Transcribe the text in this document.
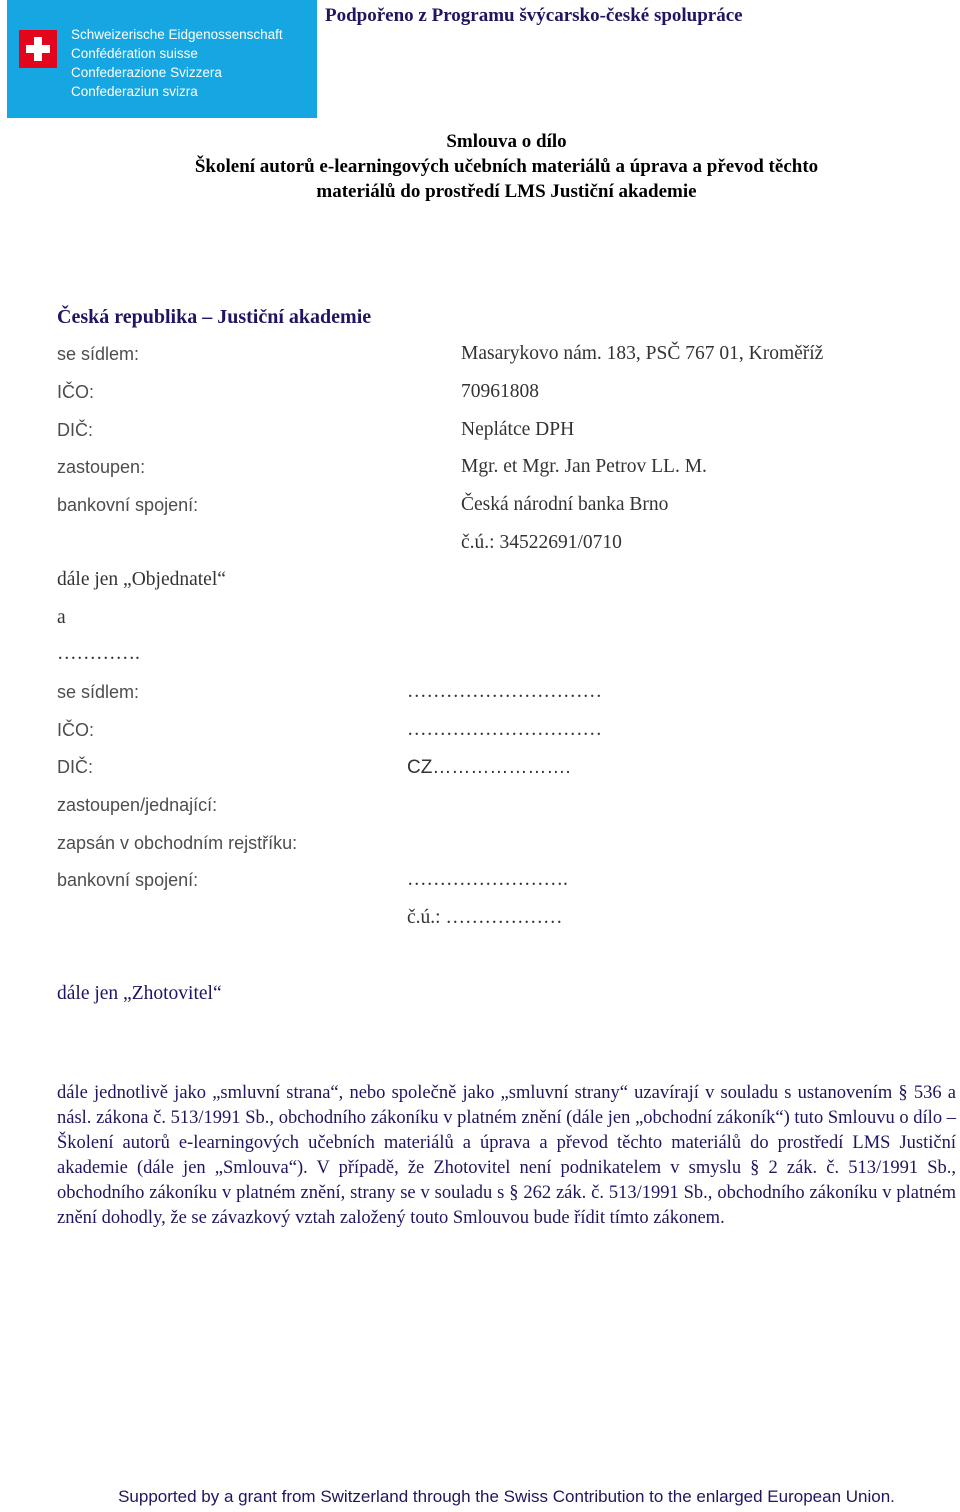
Schweizerische Eidgenossenschaft
Confédération suisse
Confederazione Svizzera
Confederaziun svizra
Podpořeno z Programu švýcarsko-české spolupráce
Smlouva o dílo
Školení autorů e-learningových učebních materiálů a úprava a převod těchto
materiálů do prostředí LMS Justiční akademie
Česká republika – Justiční akademie
se sídlem:	Masarykovo nám. 183, PSČ 767 01, Kroměříž
IČO:	70961808
DIČ:	Neplátce DPH
zastoupen:	Mgr. et Mgr. Jan Petrov LL. M.
bankovní spojení:	Česká národní banka Brno
č.ú.: 34522691/0710
dále jen „Objednatel“
a
………….
se sídlem:	…………………………
IČO:	…………………………
DIČ:	CZ………………….
zastoupen/jednající:
zapsán v obchodním rejstříku:
bankovní spojení:	…………………….
č.ú.: ………………
dále jen „Zhotovitel“
dále jednotlivě jako „smluvní strana“, nebo společně jako „smluvní strany“ uzavírají v souladu s ustanovením § 536 a násl. zákona č. 513/1991 Sb., obchodního zákoníku v platném znění (dále jen „obchodní zákoník“) tuto Smlouvu o dílo – Školení autorů e-learningových učebních materiálů a úprava a převod těchto materiálů do prostředí LMS Justiční akademie (dále jen „Smlouva“). V případě, že Zhotovitel není podnikatelem v smyslu § 2 zák. č. 513/1991 Sb., obchodního zákoníku v platném znění, strany se v souladu s § 262 zák. č. 513/1991 Sb., obchodního zákoníku v platném znění dohodly, že se závazkový vztah založený touto Smlouvou bude řídit tímto zákonem.
Supported by a grant from Switzerland through the Swiss Contribution to the enlarged European Union.
